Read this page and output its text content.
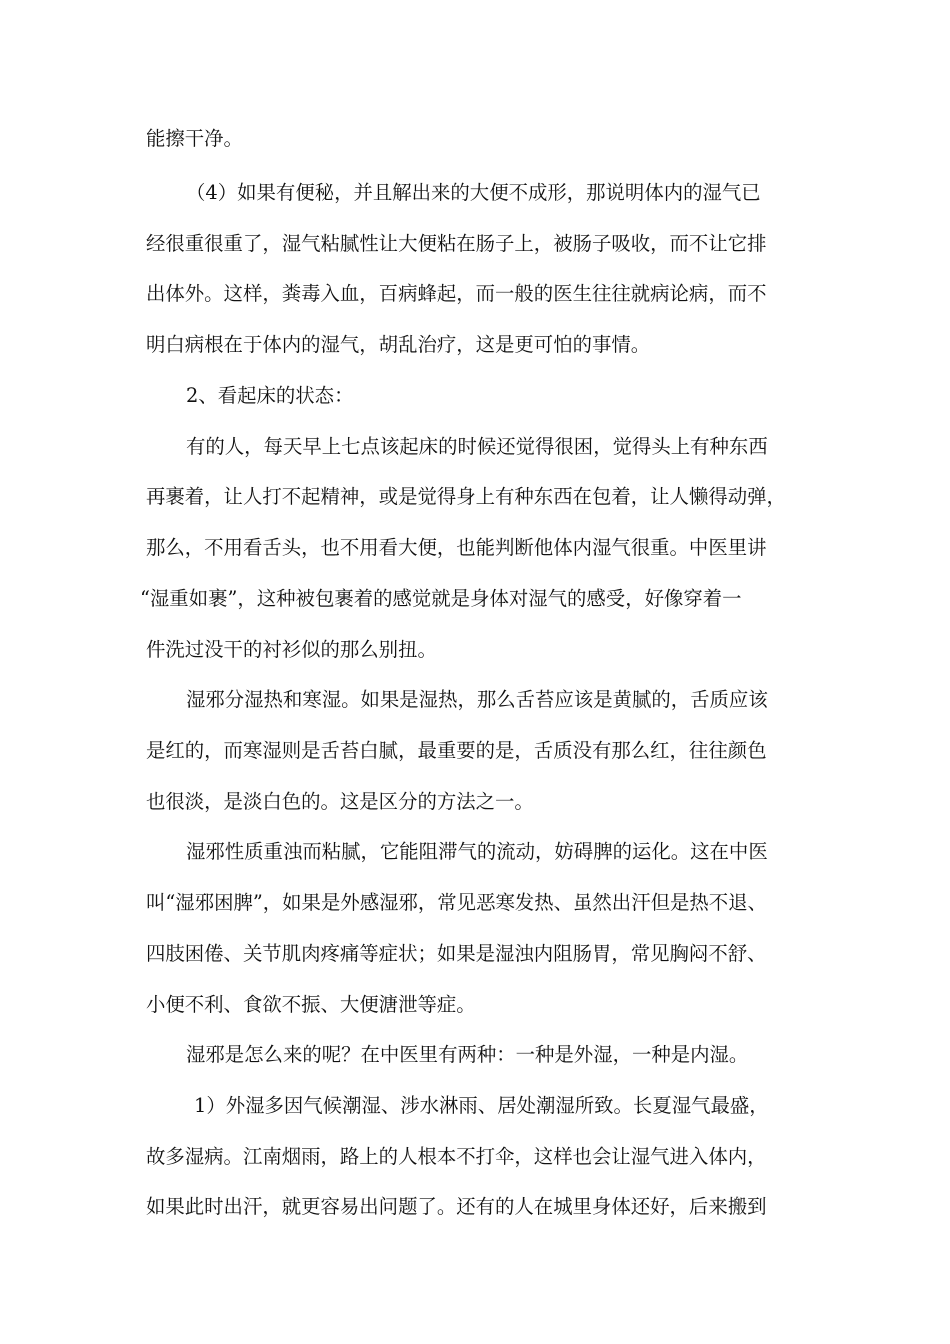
能擦干净。
（4）如果有便秘，并且解出来的大便不成形，那说明体内的湿气已
经很重很重了，湿气粘腻性让大便粘在肠子上，被肠子吸收，而不让它排
出体外。这样，粪毒入血，百病蜂起，而一般的医生往往就病论病，而不
明白病根在于体内的湿气，胡乱治疗，这是更可怕的事情。
2、看起床的状态：
有的人，每天早上七点该起床的时候还觉得很困，觉得头上有种东西
再裹着，让人打不起精神，或是觉得身上有种东西在包着，让人懒得动弹，
那么，不用看舌头，也不用看大便，也能判断他体内湿气很重。中医里讲
“湿重如裹”，这种被包裹着的感觉就是身体对湿气的感受，好像穿着一
件洗过没干的衬衫似的那么别扭。
湿邪分湿热和寒湿。如果是湿热，那么舌苔应该是黄腻的，舌质应该
是红的，而寒湿则是舌苔白腻，最重要的是，舌质没有那么红，往往颜色
也很淡，是淡白色的。这是区分的方法之一。
湿邪性质重浊而粘腻，它能阻滞气的流动，妨碍脾的运化。这在中医
叫“湿邪困脾”，如果是外感湿邪，常见恶寒发热、虽然出汗但是热不退、
四肢困倦、关节肌肉疼痛等症状；如果是湿浊内阻肠胃，常见胸闷不舒、
小便不利、食欲不振、大便溏泄等症。
湿邪是怎么来的呢？在中医里有两种：一种是外湿，一种是内湿。
1）外湿多因气候潮湿、涉水淋雨、居处潮湿所致。长夏湿气最盛，
故多湿病。江南烟雨，路上的人根本不打伞，这样也会让湿气进入体内，
如果此时出汗，就更容易出问题了。还有的人在城里身体还好，后来搬到
